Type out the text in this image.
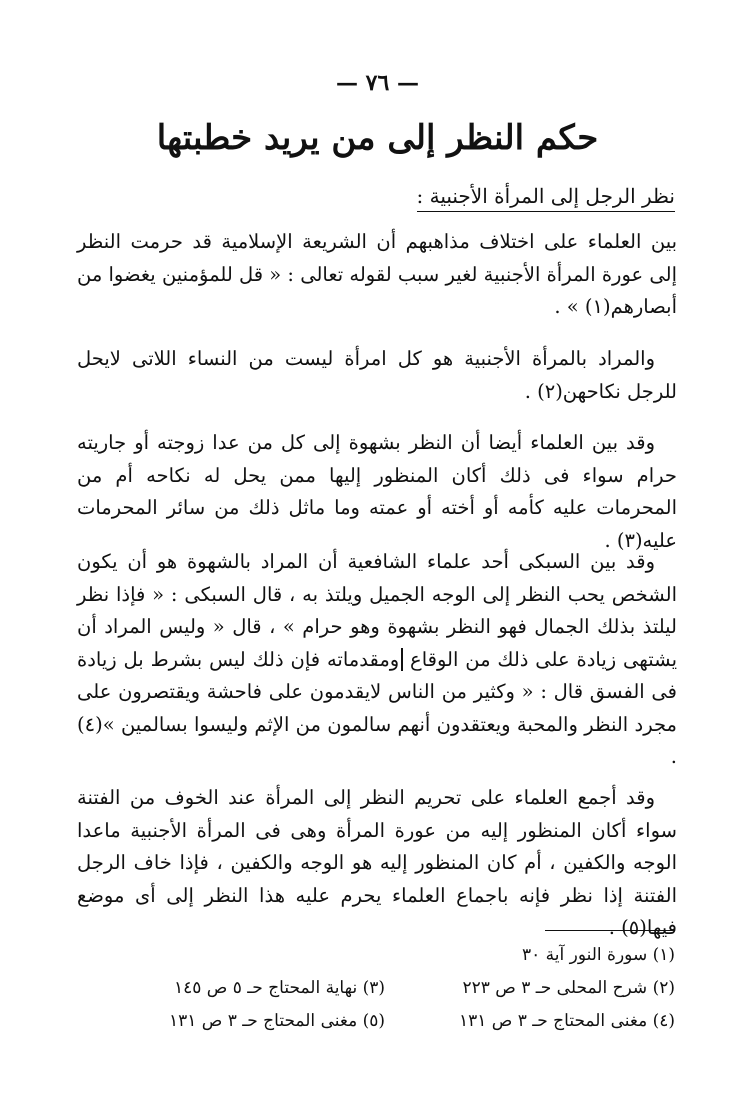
— ٧٦ —
حكم النظر إلى من يريد خطبتها
نظر الرجل إلى المرأة الأجنبية :

بين العلماء على اختلاف مذاهبهم أن الشريعة الإسلامية قد حرمت النظر إلى عورة المرأة الأجنبية لغير سبب لقوله تعالى : « قل للمؤمنين يغضوا من أبصارهم(١) » .

والمراد بالمرأة الأجنبية هو كل امرأة ليست من النساء اللاتى لايحل للرجل نكاحهن(٢) .

وقد بين العلماء أيضا أن النظر بشهوة إلى كل من عدا زوجته أو جاريته حرام سواء فى ذلك أكان المنظور إليها ممن يحل له نكاحه أم من المحرمات عليه كأمه أو أخته أو عمته وما ماثل ذلك من سائر المحرمات عليه(٣) .

وقد بين السبكى أحد علماء الشافعية أن المراد بالشهوة هو أن يكون الشخص يحب النظر إلى الوجه الجميل ويلتذ به ، قال السبكى : « فإذا نظر ليلتذ بذلك الجمال فهو النظر بشهوة وهو حرام » ، قال « وليس المراد أن يشتهى زيادة على ذلك من الوقاع ومقدماته فإن ذلك ليس بشرط بل زيادة فى الفسق قال : « وكثير من الناس لايقدمون على فاحشة ويقتصرون على مجرد النظر والمحبة ويعتقدون أنهم سالمون من الإثم وليسوا بسالمين »(٤) .

وقد أجمع العلماء على تحريم النظر إلى المرأة عند الخوف من الفتنة سواء أكان المنظور إليه من عورة المرأة وهى فى المرأة الأجنبية ماعدا الوجه والكفين ، أم كان المنظور إليه هو الوجه والكفين ، فإذا خاف الرجل الفتنة إذا نظر فإنه باجماع العلماء يحرم عليه هذا النظر إلى أى موضع فيها(٥) .

(١) سورة النور آية ٣٠
(٢) شرح المحلى حـ ٣ ص ٢٢٣
(٣) نهاية المحتاج حـ ٥ ص ١٤٥
(٤) مغنى المحتاج حـ ٣ ص ١٣١
(٥) مغنى المحتاج حـ ٣ ص ١٣١
